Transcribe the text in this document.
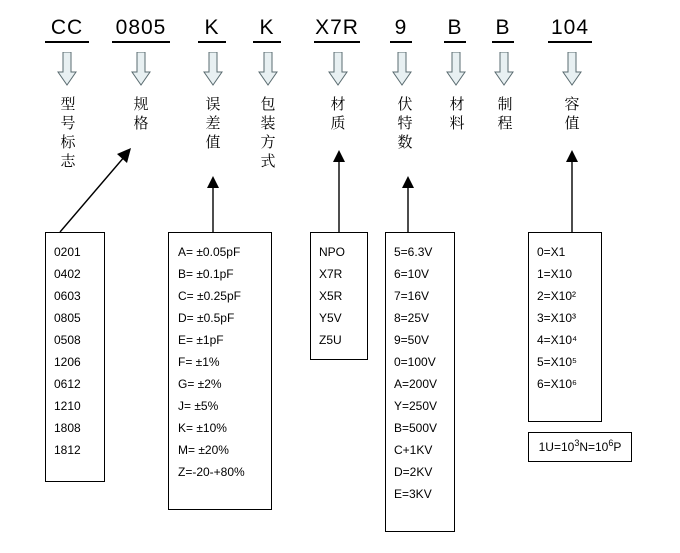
CC 0805	K	K	X7R 9 B B 104
型
号
标
志
规
格
误
差
值
包
装
方
式
材
质
伏
特
数
材
料
制
程
容
值
0201
0402
0603
0805
0508
1206
0612
1210
1808
1812
A= ±0.05pF
B= ±0.1pF
C= ±0.25pF
D= ±0.5pF
E= ±1pF
F= ±1%
G= ±2%
J= ±5%
K= ±10%
M= ±20%
Z=-20-+80%
NPO
X7R
X5R
Y5V
Z5U
5=6.3V
6=10V
7=16V
8=25V
9=50V
0=100V
A=200V
Y=250V
B=500V
C+1KV
D=2KV
E=3KV
0=X1
1=X10
2=X10²
3=X10³
4=X10⁴
5=X10⁵
6=X10⁶
$1U=10^3N=10^6P$
